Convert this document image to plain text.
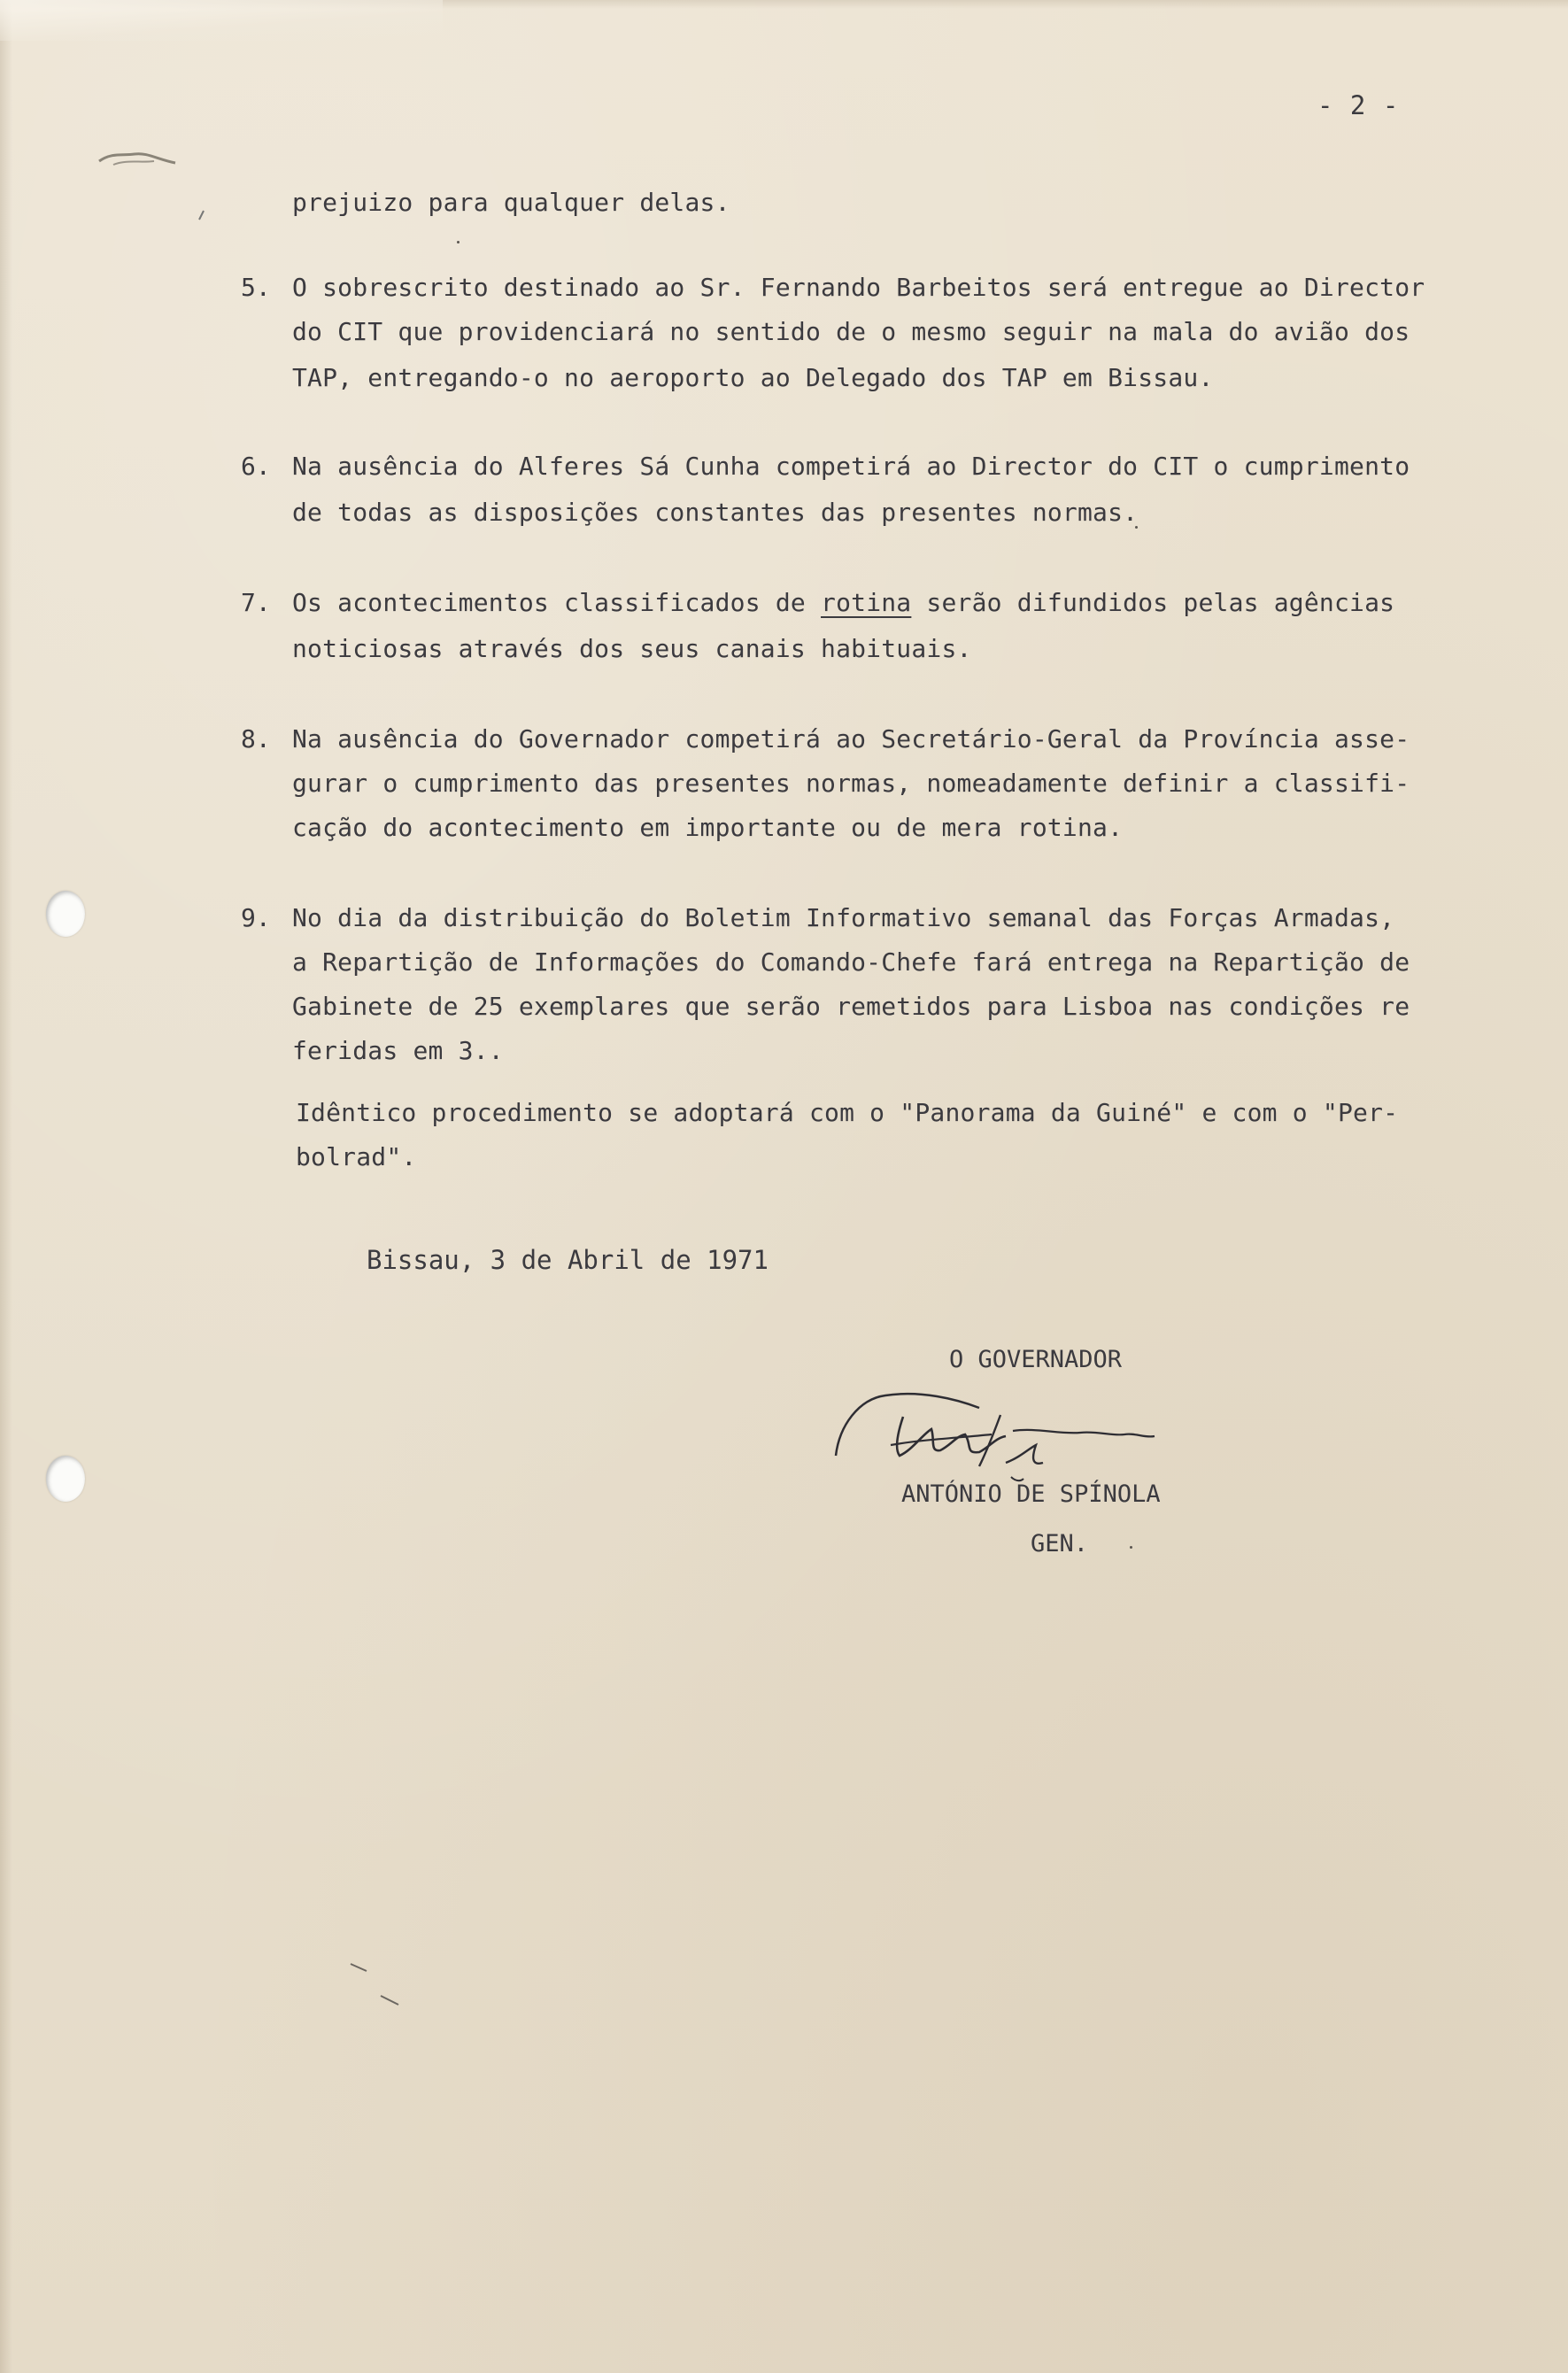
- 2 -
prejuizo para qualquer delas.
5. O sobrescrito destinado ao Sr. Fernando Barbeitos será entregue ao Director
do CIT que providenciará no sentido de o mesmo seguir na mala do avião dos
TAP, entregando-o no aeroporto ao Delegado dos TAP em Bissau.
6. Na ausência do Alferes Sá Cunha competirá ao Director do CIT o cumprimento
de todas as disposições constantes das presentes normas.
7. Os acontecimentos classificados de rotina serão difundidos pelas agências
noticiosas através dos seus canais habituais.
8. Na ausência do Governador competirá ao Secretário-Geral da Província asse-
gurar o cumprimento das presentes normas, nomeadamente definir a classifi-
cação do acontecimento em importante ou de mera rotina.
9. No dia da distribuição do Boletim Informativo semanal das Forças Armadas,
a Repartição de Informações do Comando-Chefe fará entrega na Repartição de
Gabinete de 25 exemplares que serão remetidos para Lisboa nas condições re
feridas em 3..
Idêntico procedimento se adoptará com o "Panorama da Guiné" e com o "Per-
bolrad".
Bissau, 3 de Abril de 1971
O GOVERNADOR
ANTÓNIO DE SPÍNOLA
GEN.
